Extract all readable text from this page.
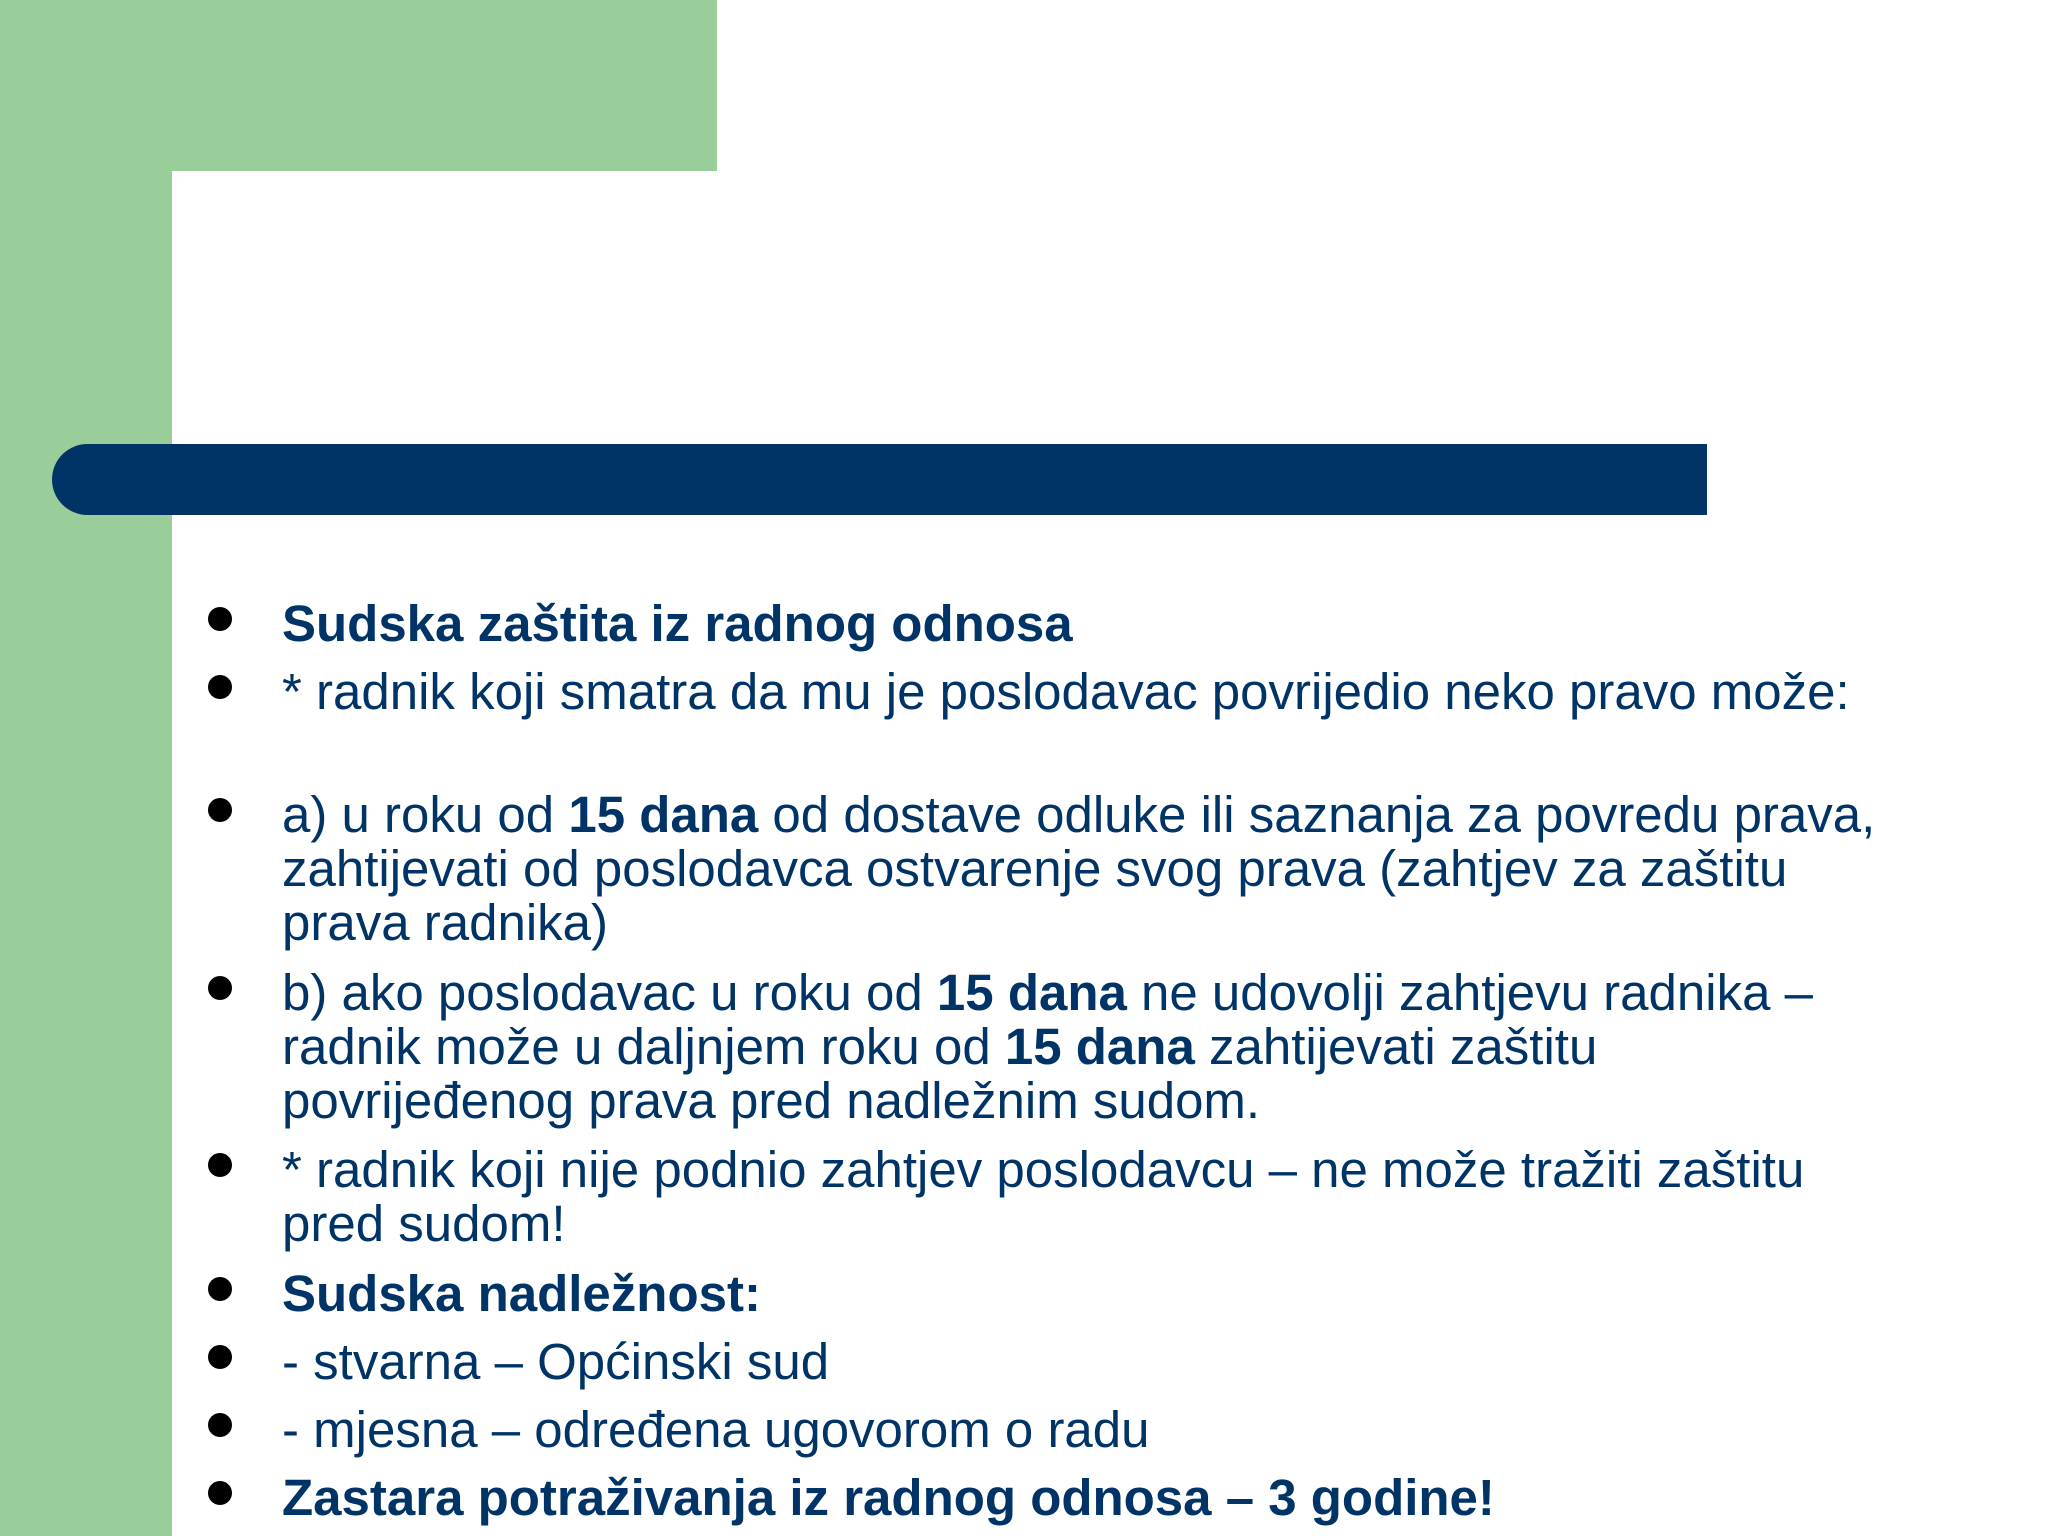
Sudska zaštita iz radnog odnosa
* radnik koji smatra da mu je poslodavac povrijedio neko pravo može:
a) u roku od 15 dana od dostave odluke ili saznanja za povredu prava, zahtijevati od poslodavca ostvarenje svog prava (zahtjev za zaštitu prava radnika)
b) ako poslodavac u roku od 15 dana ne udovolji zahtjevu radnika – radnik može u daljnjem roku od 15 dana zahtijevati zaštitu povrijeđenog prava pred nadležnim sudom.
* radnik koji nije podnio zahtjev poslodavcu – ne može tražiti zaštitu pred sudom!
Sudska nadležnost:
- stvarna – Općinski sud
- mjesna – određena ugovorom o radu
Zastara potraživanja iz radnog odnosa – 3 godine!
